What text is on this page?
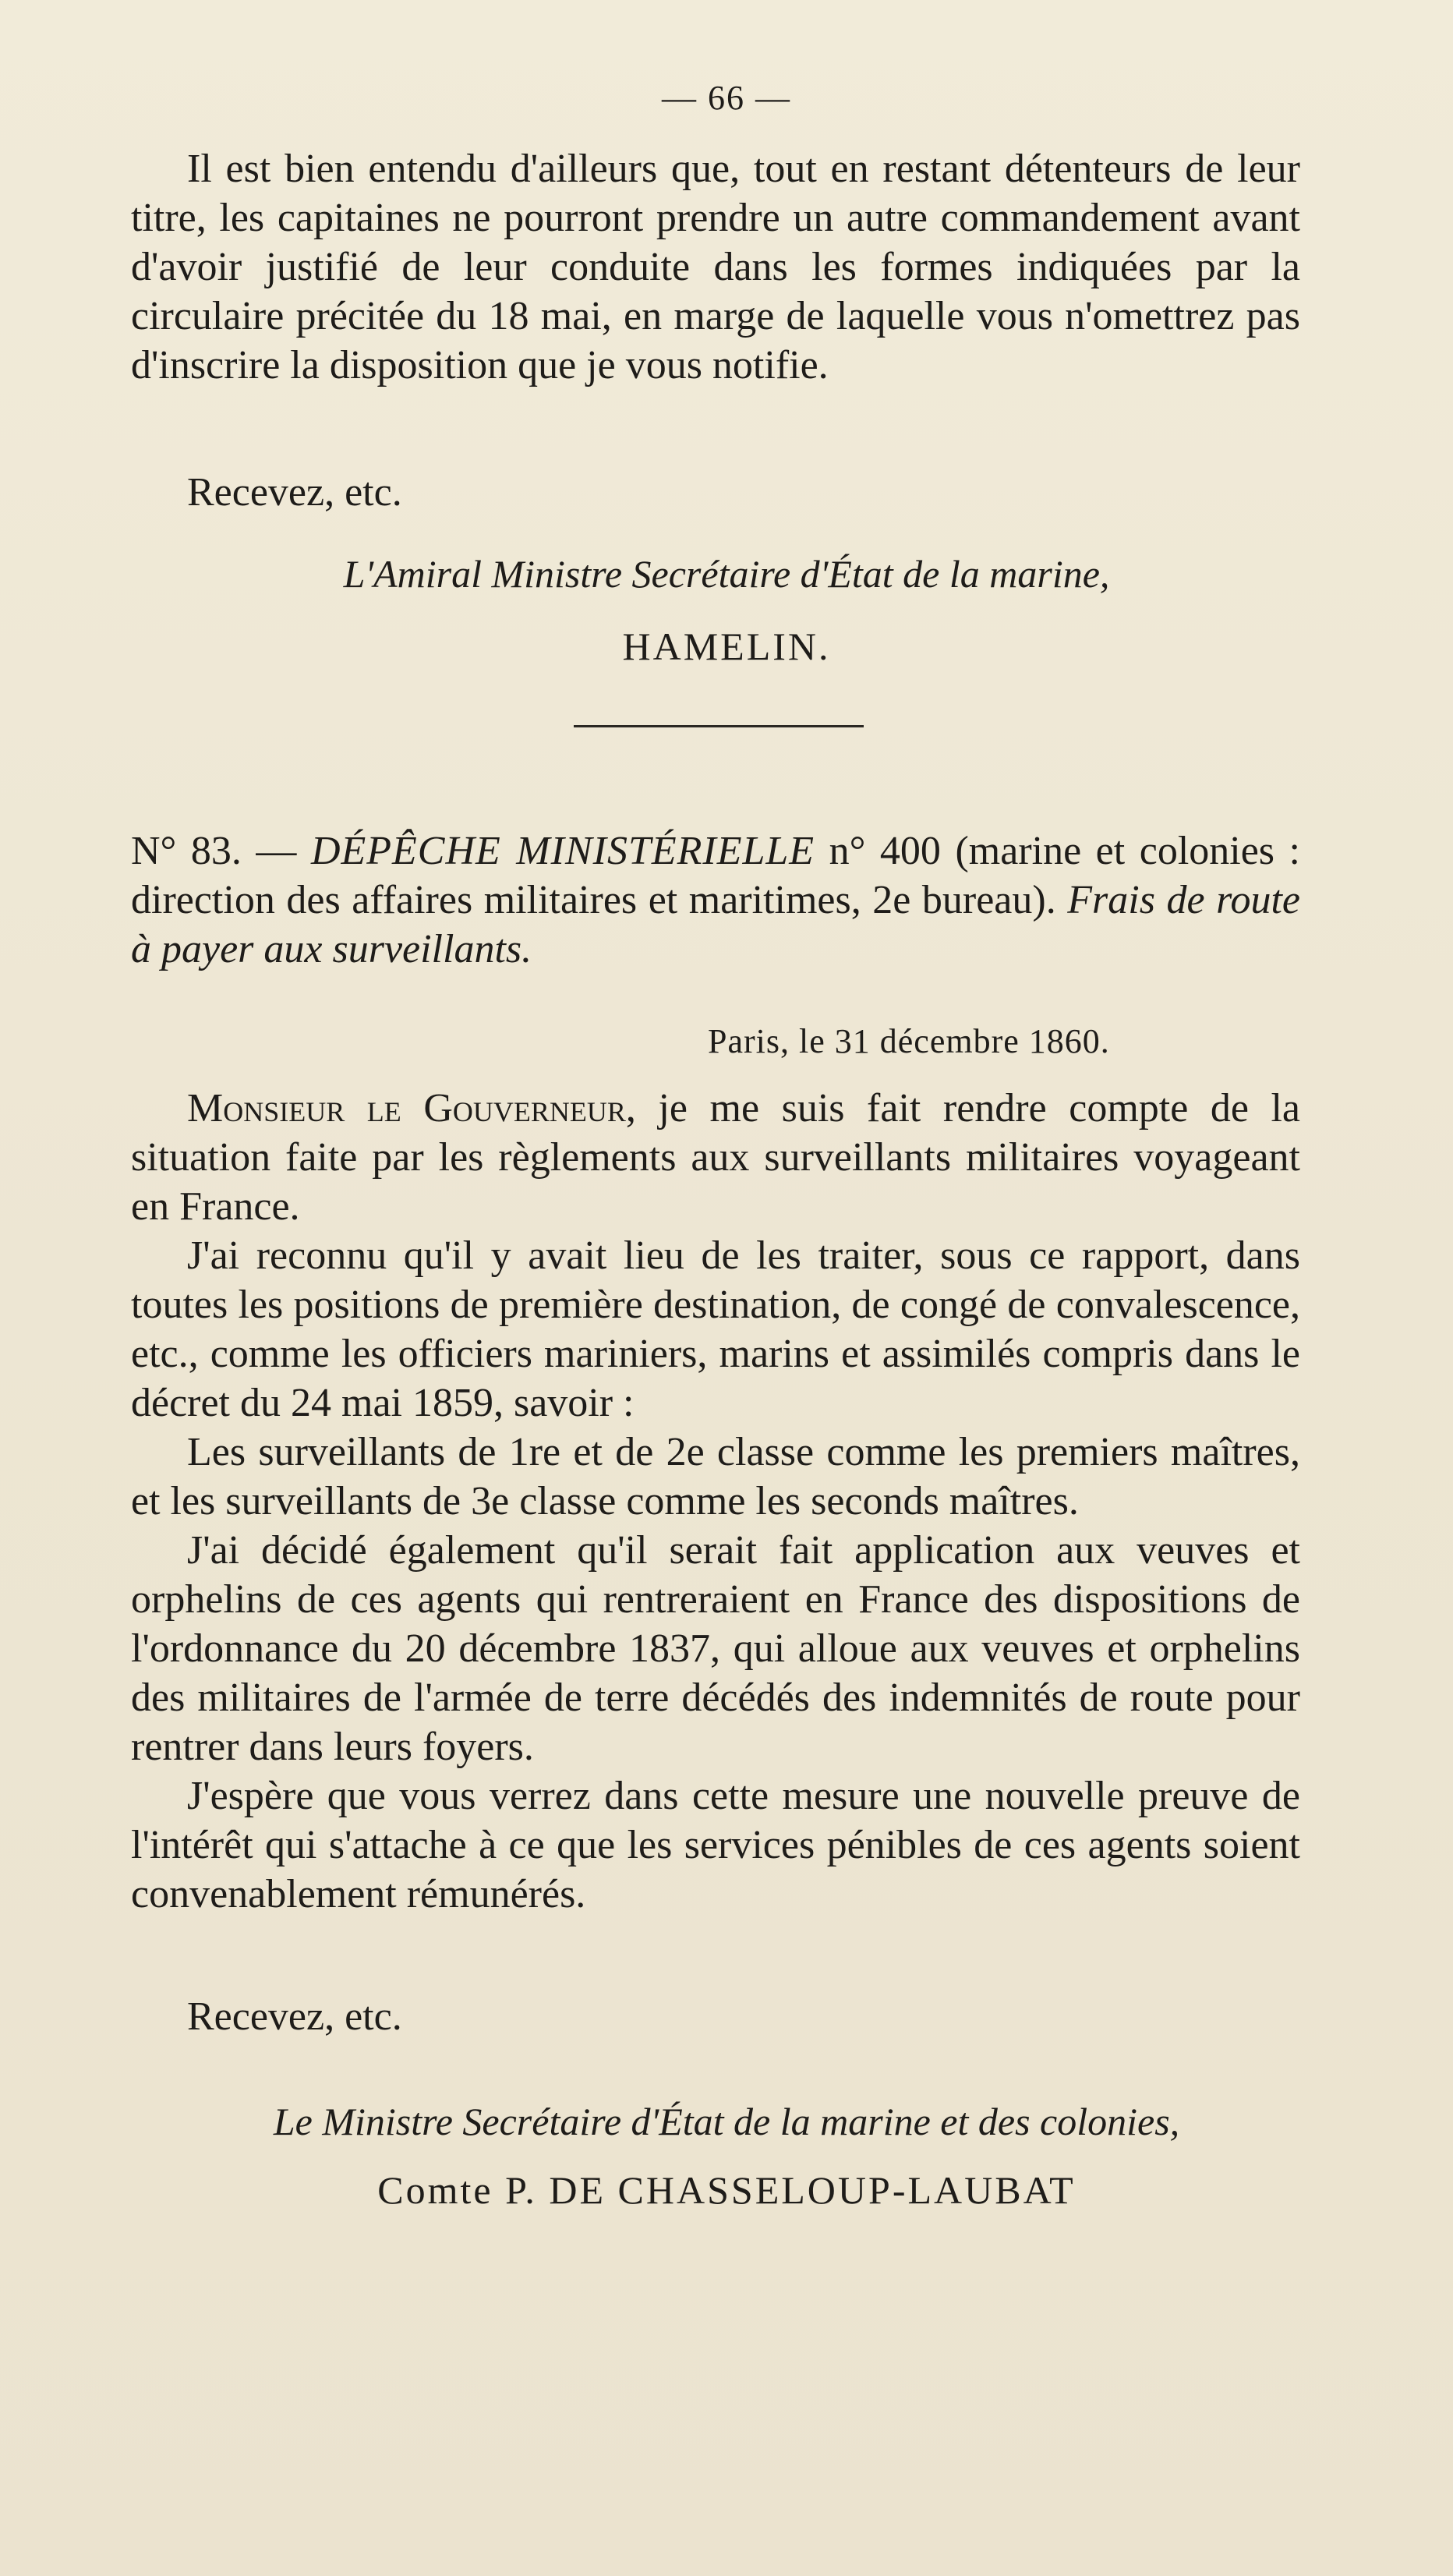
— 66 —

Il est bien entendu d'ailleurs que, tout en restant détenteurs de leur titre, les capitaines ne pourront prendre un autre commandement avant d'avoir justifié de leur conduite dans les formes indiquées par la circulaire précitée du 18 mai, en marge de laquelle vous n'omettrez pas d'inscrire la disposition que je vous notifie.

Recevez, etc.
L'Amiral Ministre Secrétaire d'État de la marine,
HAMELIN.
N° 83. — DÉPÊCHE MINISTÉRIELLE n° 400 (marine et colonies : direction des affaires militaires et maritimes, 2e bureau). Frais de route à payer aux surveillants.
Paris, le 31 décembre 1860.

Monsieur le Gouverneur, je me suis fait rendre compte de la situation faite par les règlements aux surveillants militaires voyageant en France.

J'ai reconnu qu'il y avait lieu de les traiter, sous ce rapport, dans toutes les positions de première destination, de congé de convalescence, etc., comme les officiers mariniers, marins et assimilés compris dans le décret du 24 mai 1859, savoir :

Les surveillants de 1re et de 2e classe comme les premiers maîtres, et les surveillants de 3e classe comme les seconds maîtres.

J'ai décidé également qu'il serait fait application aux veuves et orphelins de ces agents qui rentreraient en France des dispositions de l'ordonnance du 20 décembre 1837, qui alloue aux veuves et orphelins des militaires de l'armée de terre décédés des indemnités de route pour rentrer dans leurs foyers.

J'espère que vous verrez dans cette mesure une nouvelle preuve de l'intérêt qui s'attache à ce que les services pénibles de ces agents soient convenablement rémunérés.

Recevez, etc.
Le Ministre Secrétaire d'État de la marine et des colonies,
Comte P. DE CHASSELOUP-LAUBAT
